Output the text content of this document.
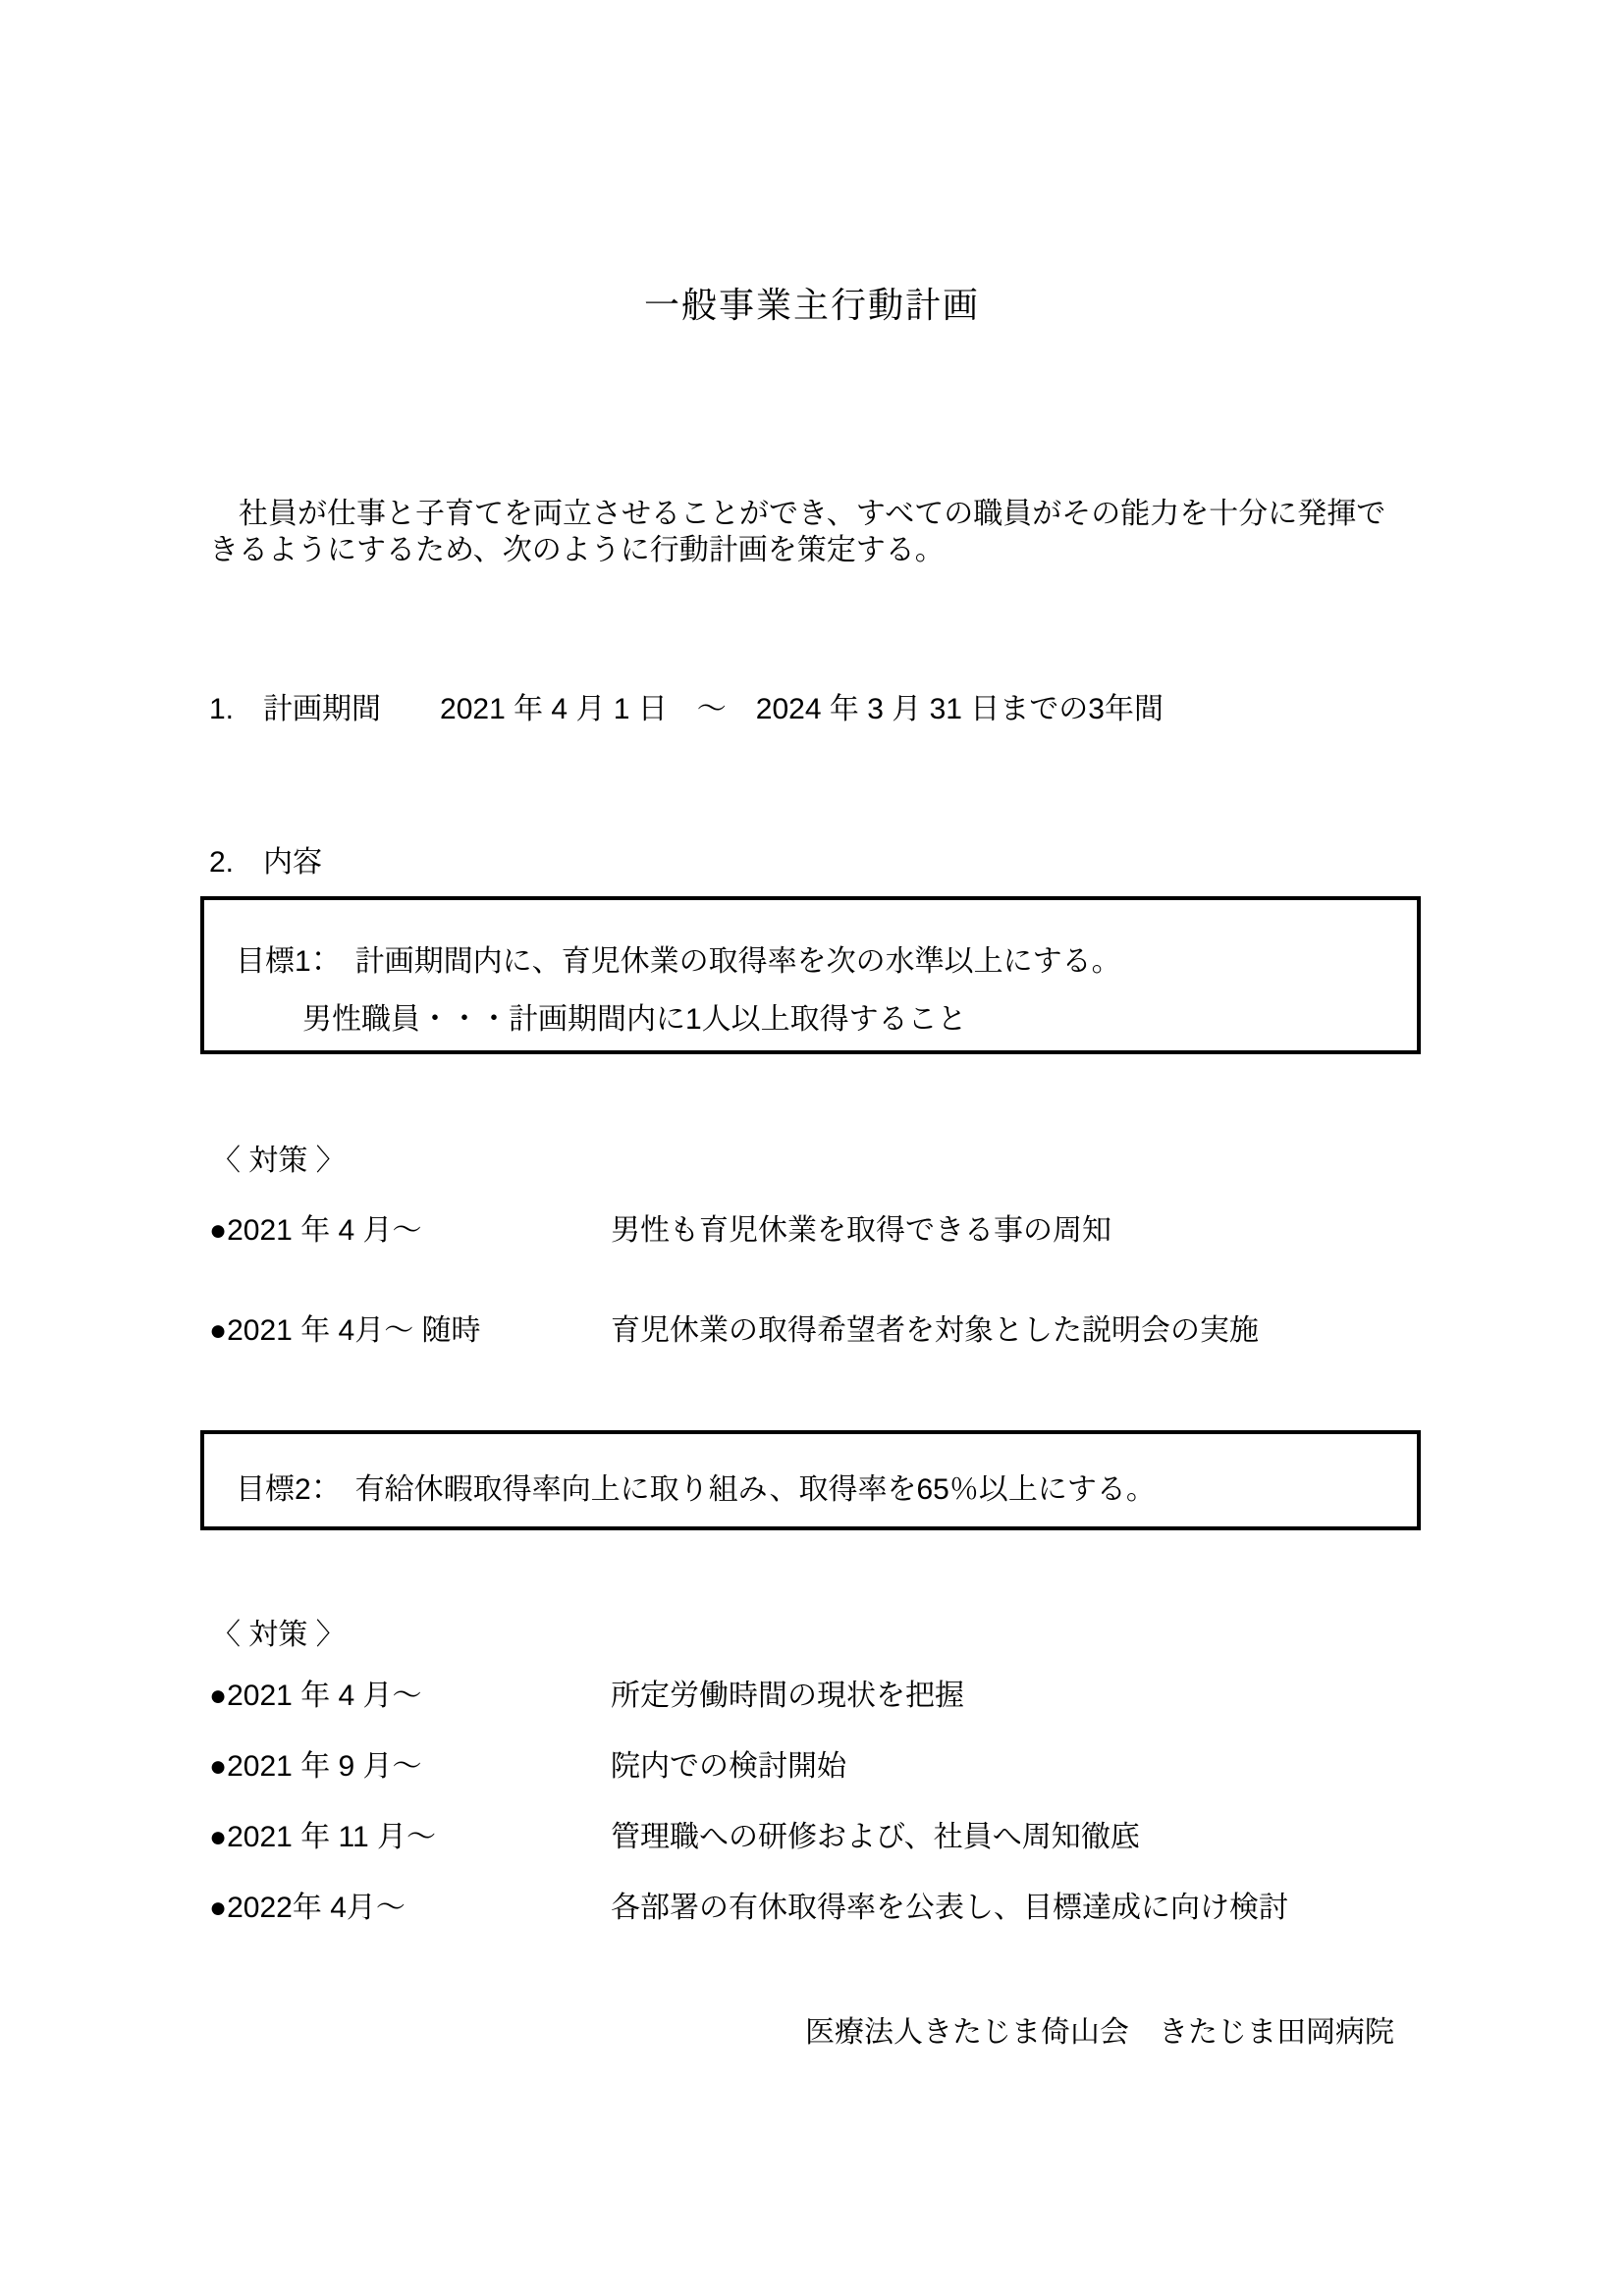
一般事業主行動計画
　社員が仕事と子育てを両立させることができ、すべての職員がその能力を十分に発揮で
きるようにするため、次のように行動計画を策定する。
1.　計画期間　　2021 年 4 月 1 日　～　2024 年 3 月 31 日までの3年間
2.　内容
目標1：　計画期間内に、育児休業の取得率を次の水準以上にする。
男性職員・・・計画期間内に1人以上取得すること
〈 対策 〉
●2021 年 4 月～	男性も育児休業を取得できる事の周知
●2021 年 4月～ 随時	育児休業の取得希望者を対象とした説明会の実施
目標2：　有給休暇取得率向上に取り組み、取得率を65％以上にする。
〈 対策 〉
●2021 年 4 月～	所定労働時間の現状を把握
●2021 年 9 月～	院内での検討開始
●2021 年 11 月～	管理職への研修および、社員へ周知徹底
●2022年 4月～	各部署の有休取得率を公表し、目標達成に向け検討
医療法人きたじま倚山会　きたじま田岡病院
